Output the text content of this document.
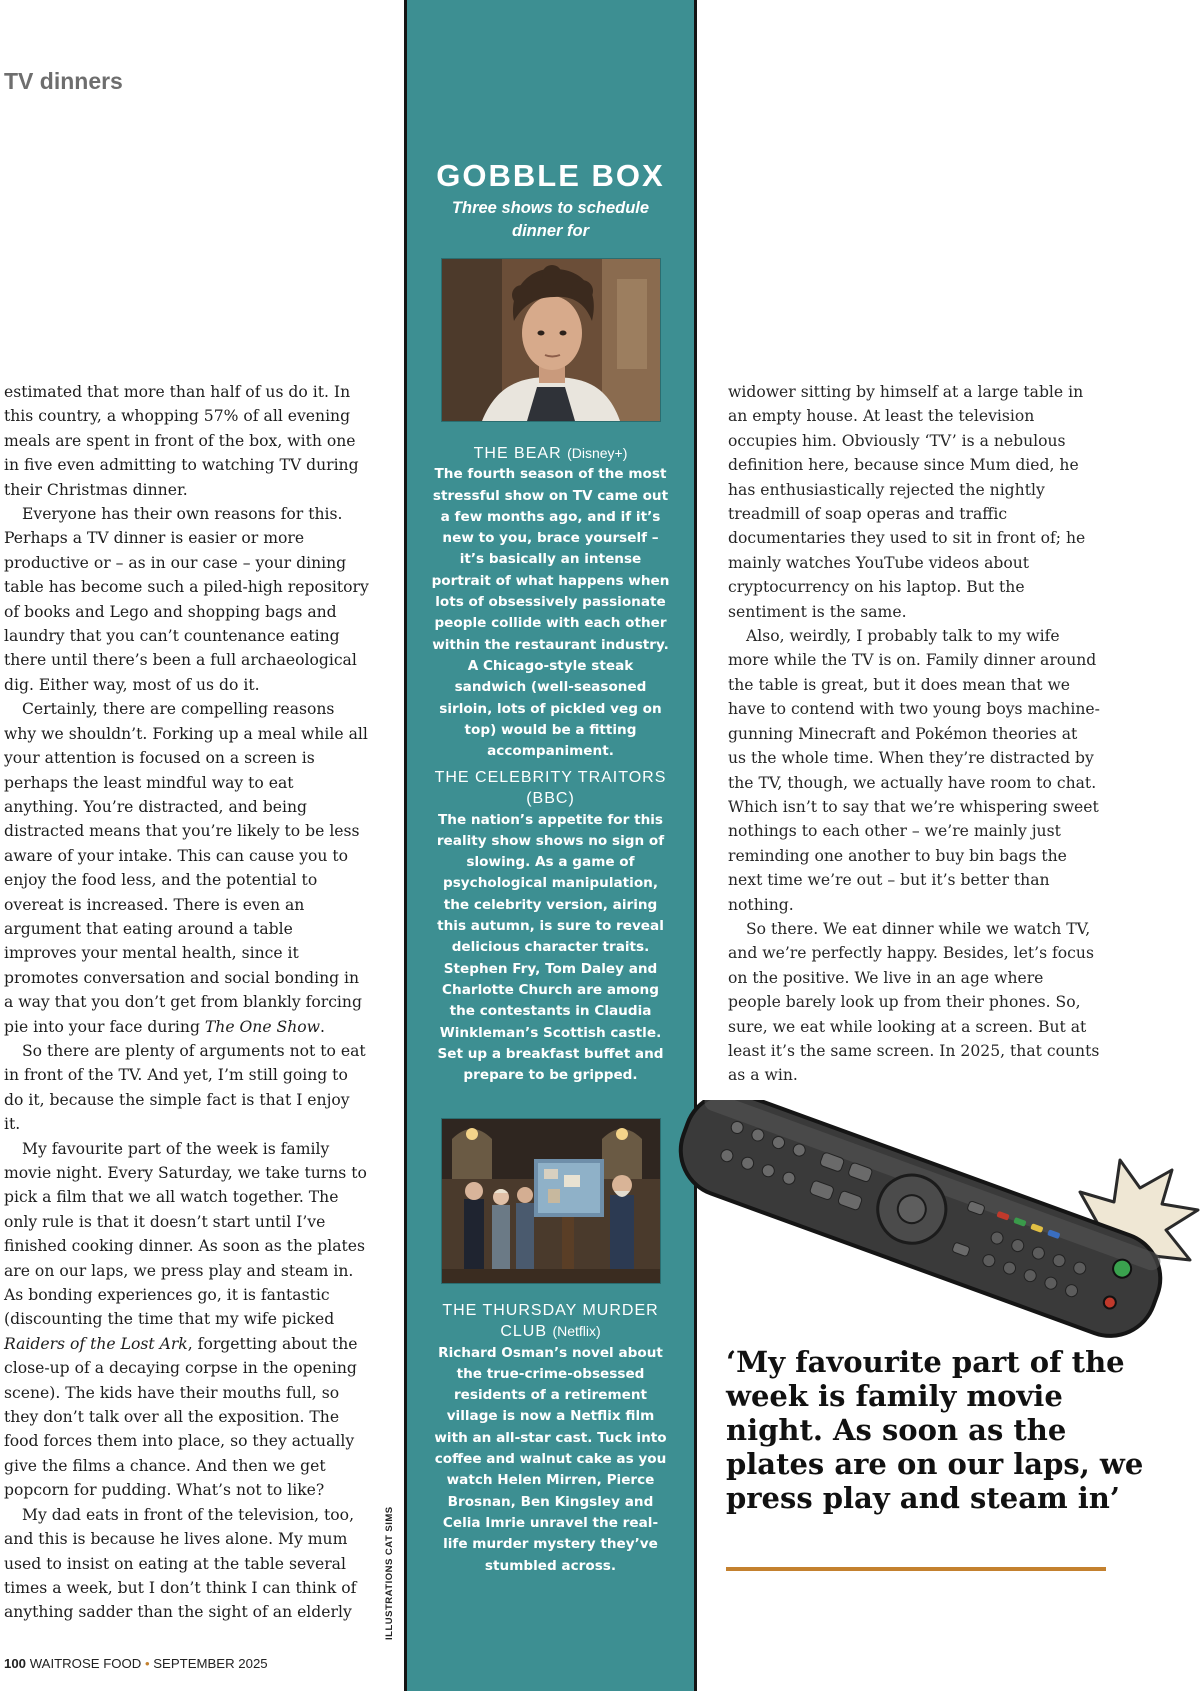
TV dinners

estimated that more than half of us do it. In this country, a whopping 57% of all evening meals are spent in front of the box, with one in five even admitting to watching TV during their Christmas dinner.

Everyone has their own reasons for this. Perhaps a TV dinner is easier or more productive or – as in our case – your dining table has become such a piled-high repository of books and Lego and shopping bags and laundry that you can’t countenance eating there until there’s been a full archaeological dig. Either way, most of us do it.

Certainly, there are compelling reasons why we shouldn’t. Forking up a meal while all your attention is focused on a screen is perhaps the least mindful way to eat anything. You’re distracted, and being distracted means that you’re likely to be less aware of your intake. This can cause you to enjoy the food less, and the potential to overeat is increased. There is even an argument that eating around a table improves your mental health, since it promotes conversation and social bonding in a way that you don’t get from blankly forcing pie into your face during The One Show.

So there are plenty of arguments not to eat in front of the TV. And yet, I’m still going to do it, because the simple fact is that I enjoy it.

My favourite part of the week is family movie night. Every Saturday, we take turns to pick a film that we all watch together. The only rule is that it doesn’t start until I’ve finished cooking dinner. As soon as the plates are on our laps, we press play and steam in. As bonding experiences go, it is fantastic (discounting the time that my wife picked Raiders of the Lost Ark, forgetting about the close-up of a decaying corpse in the opening scene). The kids have their mouths full, so they don’t talk over all the exposition. The food forces them into place, so they actually give the films a chance. And then we get popcorn for pudding. What’s not to like?

My dad eats in front of the television, too, and this is because he lives alone. My mum used to insist on eating at the table several times a week, but I don’t think I can think of anything sadder than the sight of an elderly

GOBBLE BOX

Three shows to schedule dinner for

THE BEAR (Disney+)

The fourth season of the most stressful show on TV came out a few months ago, and if it’s new to you, brace yourself – it’s basically an intense portrait of what happens when lots of obsessively passionate people collide with each other within the restaurant industry. A Chicago-style steak sandwich (well-seasoned sirloin, lots of pickled veg on top) would be a fitting accompaniment.

THE CELEBRITY TRAITORS (BBC)

The nation’s appetite for this reality show shows no sign of slowing. As a game of psychological manipulation, the celebrity version, airing this autumn, is sure to reveal delicious character traits. Stephen Fry, Tom Daley and Charlotte Church are among the contestants in Claudia Winkleman’s Scottish castle. Set up a breakfast buffet and prepare to be gripped.

THE THURSDAY MURDER CLUB (Netflix)

Richard Osman’s novel about the true-crime-obsessed residents of a retirement village is now a Netflix film with an all-star cast. Tuck into coffee and walnut cake as you watch Helen Mirren, Pierce Brosnan, Ben Kingsley and Celia Imrie unravel the real-life murder mystery they’ve stumbled across.

widower sitting by himself at a large table in an empty house. At least the television occupies him. Obviously ‘TV’ is a nebulous definition here, because since Mum died, he has enthusiastically rejected the nightly treadmill of soap operas and traffic documentaries they used to sit in front of; he mainly watches YouTube videos about cryptocurrency on his laptop. But the sentiment is the same.

Also, weirdly, I probably talk to my wife more while the TV is on. Family dinner around the table is great, but it does mean that we have to contend with two young boys machine-gunning Minecraft and Pokémon theories at us the whole time. When they’re distracted by the TV, though, we actually have room to chat. Which isn’t to say that we’re whispering sweet nothings to each other – we’re mainly just reminding one another to buy bin bags the next time we’re out – but it’s better than nothing.

So there. We eat dinner while we watch TV, and we’re perfectly happy. Besides, let’s focus on the positive. We live in an age where people barely look up from their phones. So, sure, we eat while looking at a screen. But at least it’s the same screen. In 2025, that counts as a win.

ILLUSTRATIONS CAT SIMS

‘My favourite part of the week is family movie night. As soon as the plates are on our laps, we press play and steam in’

100 WAITROSE FOOD • SEPTEMBER 2025
